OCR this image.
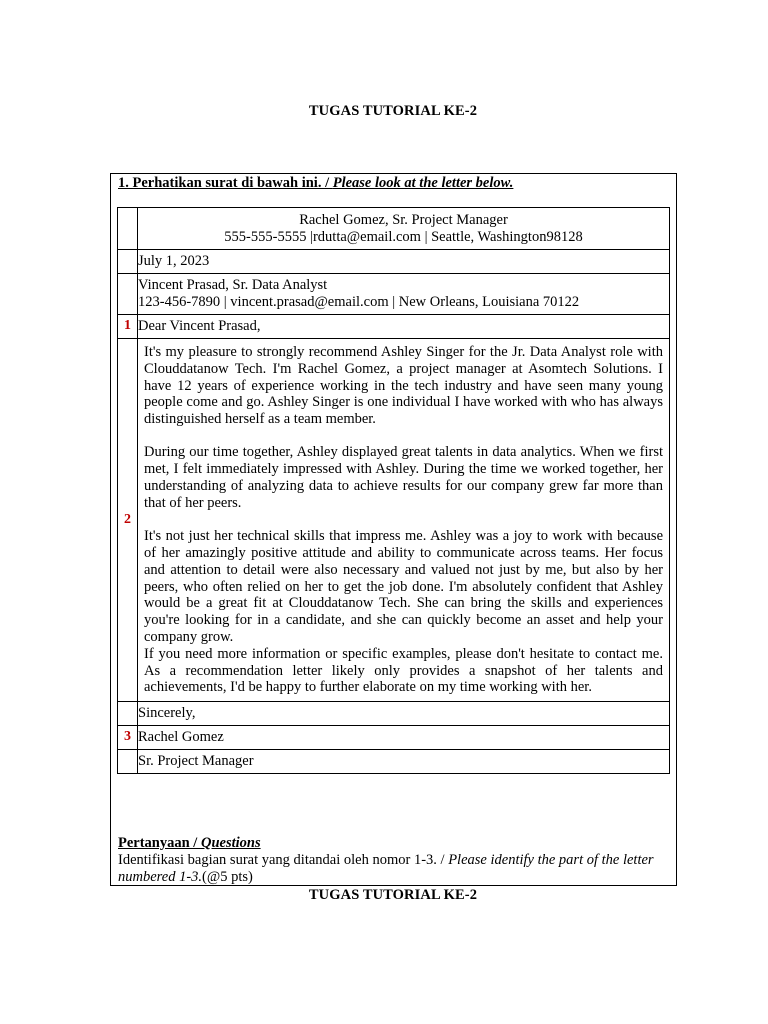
TUGAS TUTORIAL KE-2
1. Perhatikan surat di bawah ini. / Please look at the letter below.

	Rachel Gomez, Sr. Project Manager
555-555-5555 |rdutta@email.com | Seattle, Washington98128

	July 1, 2023

	Vincent Prasad, Sr. Data Analyst
123-456-7890 | vincent.prasad@email.com | New Orleans, Louisiana 70122

1	Dear Vincent Prasad,
2	It's my pleasure to strongly recommend Ashley Singer for the Jr. Data Analyst role with Clouddatanow Tech. I'm Rachel Gomez, a project manager at Asomtech Solutions. I have 12 years of experience working in the tech industry and have seen many young people come and go. Ashley Singer is one individual I have worked with who has always distinguished herself as a team member.

During our time together, Ashley displayed great talents in data analytics. When we first met, I felt immediately impressed with Ashley. During the time we worked together, her understanding of analyzing data to achieve results for our company grew far more than that of her peers.

It's not just her technical skills that impress me. Ashley was a joy to work with because of her amazingly positive attitude and ability to communicate across teams. Her focus and attention to detail were also necessary and valued not just by me, but also by her peers, who often relied on her to get the job done. I'm absolutely confident that Ashley would be a great fit at Clouddatanow Tech. She can bring the skills and experiences you're looking for in a candidate, and she can quickly become an asset and help your company grow.

If you need more information or specific examples, please don't hesitate to contact me. As a recommendation letter likely only provides a snapshot of her talents and achievements, I'd be happy to further elaborate on my time working with her.

	Sincerely,
3	Rachel Gomez
	Sr. Project Manager
Pertanyaan / Questions
Identifikasi bagian surat yang ditandai oleh nomor 1-3. / Please identify the part of the letter numbered 1-3.(@5 pts)
TUGAS TUTORIAL KE-2
